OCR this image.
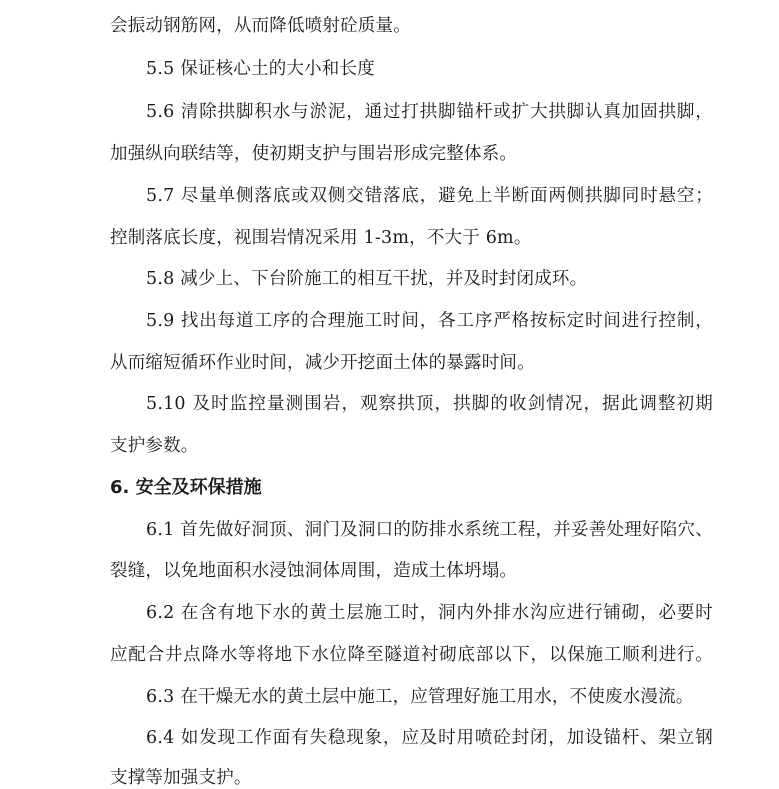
会振动钢筋网，从而降低喷射砼质量。
5.5 保证核心土的大小和长度
5.6 清除拱脚积水与淤泥，通过打拱脚锚杆或扩大拱脚认真加固拱脚，
加强纵向联结等，使初期支护与围岩形成完整体系。
5.7 尽量单侧落底或双侧交错落底，避免上半断面两侧拱脚同时悬空；
控制落底长度，视围岩情况采用 1-3m，不大于 6m。
5.8 减少上、下台阶施工的相互干扰，并及时封闭成环。
5.9 找出每道工序的合理施工时间，各工序严格按标定时间进行控制，
从而缩短循环作业时间，减少开挖面土体的暴露时间。
5.10 及时监控量测围岩，观察拱顶，拱脚的收剑情况，据此调整初期
支护参数。
6. 安全及环保措施
6.1 首先做好洞顶、洞门及洞口的防排水系统工程，并妥善处理好陷穴、
裂缝，以免地面积水浸蚀洞体周围，造成土体坍塌。
6.2 在含有地下水的黄土层施工时，洞内外排水沟应进行铺砌，必要时
应配合井点降水等将地下水位降至隧道衬砌底部以下，以保施工顺利进行。
6.3 在干燥无水的黄土层中施工，应管理好施工用水，不使废水漫流。
6.4 如发现工作面有失稳现象，应及时用喷砼封闭，加设锚杆、架立钢
支撑等加强支护。
